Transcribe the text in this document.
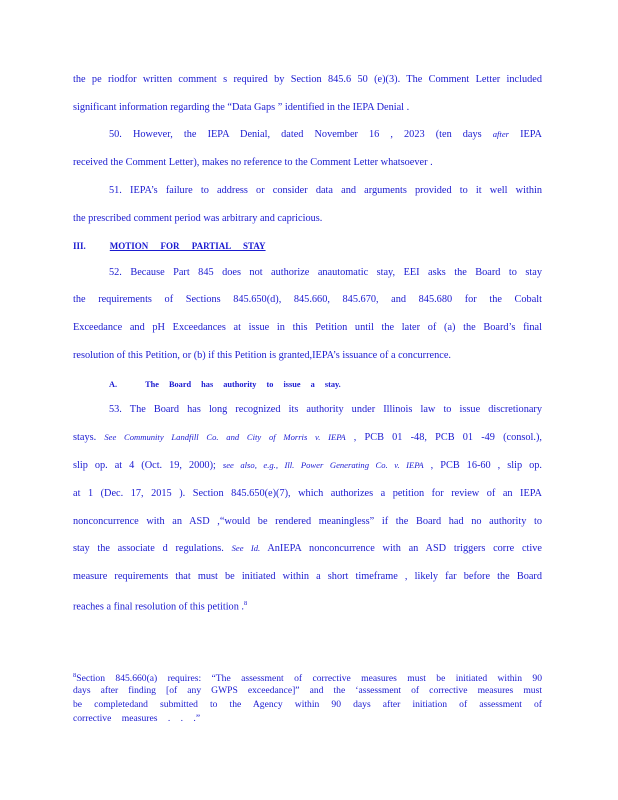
the pe riodfor written comment s required by Section 845.6 50 (e)(3). The Comment Letter included
significant information regarding the “Data Gaps ” identified in the IEPA Denial .
50. However, the IEPA Denial, dated November 16 , 2023 (ten days after IEPA
received the Comment Letter), makes no reference to the Comment Letter whatsoever .
51. IEPA’s failure to address or consider data and arguments provided to it well within
the prescribed comment period was arbitrary and capricious.
III.	MOTION FOR PARTIAL STAY
52. Because Part 845 does not authorize anautomatic stay, EEI asks the Board to stay
the requirements of Sections 845.650(d), 845.660, 845.670, and 845.680 for the Cobalt
Exceedance and pH Exceedances at issue in this Petition until the later of (a) the Board’s final
resolution of this Petition, or (b) if this Petition is granted,IEPA’s issuance of a concurrence.
A.	The Board has authority to issue a stay.
53. The Board has long recognized its authority under Illinois law to issue discretionary
stays. See Community Landfill Co. and City of Morris v. IEPA , PCB 01 -48, PCB 01 -49 (consol.),
slip op. at 4 (Oct. 19, 2000); see also, e.g., Ill. Power Generating Co. v. IEPA , PCB 16-60 , slip op.
at 1 (Dec. 17, 2015 ). Section 845.650(e)(7), which authorizes a petition for review of an IEPA
nonconcurrence with an ASD ,“would be rendered meaningless” if the Board had no authority to
stay the associate d regulations. See Id. AnIEPA nonconcurrence with an ASD triggers corre ctive
measure requirements that must be initiated within a short timeframe , likely far before the Board
reaches a final resolution of this petition .$^8$
$^8$Section 845.660(a) requires: “The assessment of corrective measures must be initiated within 90
days after finding [of any GWPS exceedance]” and the ‘assessment of corrective measures must
be completedand submitted to the Agency within 90 days after initiation of assessment of
corrective measures . . .”
